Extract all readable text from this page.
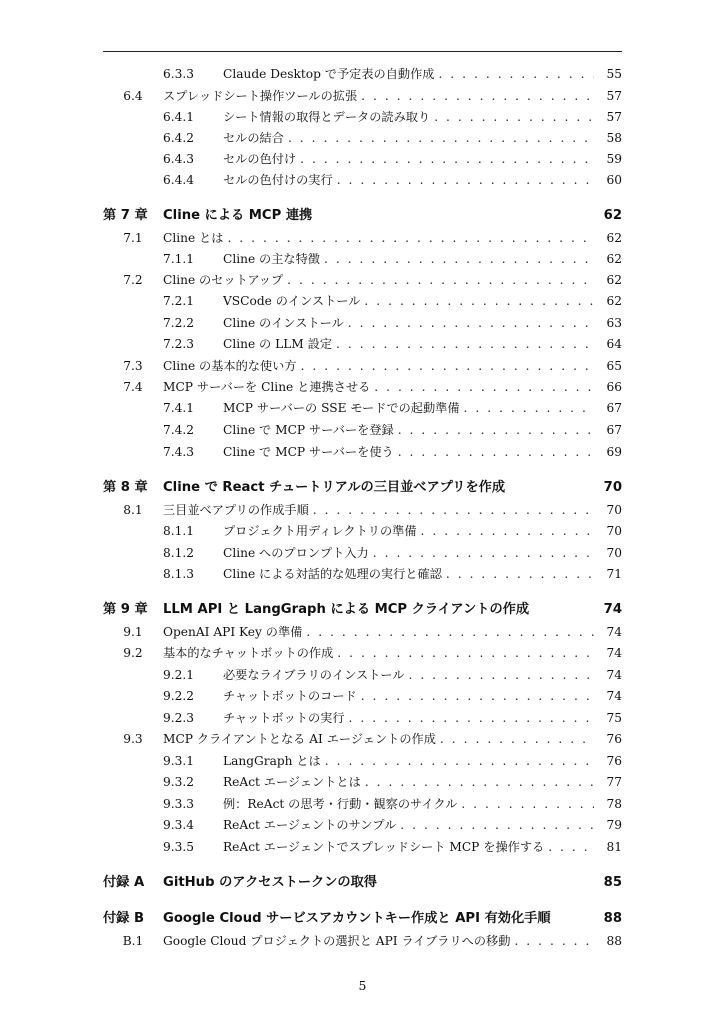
6.3.3	Claude Desktop で予定表の自動作成 . . .	55
6.4	スプレッドシート操作ツールの拡張 . . .	57
6.4.1	シート情報の取得とデータの読み取り . . .	57
6.4.2	セルの結合 . . .	58
6.4.3	セルの色付け . . .	59
6.4.4	セルの色付けの実行 . . .	60
第 7 章	Cline による MCP 連携	62
7.1	Cline とは . . .	62
7.1.1	Cline の主な特徴 . . .	62
7.2	Cline のセットアップ . . .	62
7.2.1	VSCode のインストール . . .	62
7.2.2	Cline のインストール . . .	63
7.2.3	Cline の LLM 設定 . . .	64
7.3	Cline の基本的な使い方 . . .	65
7.4	MCP サーバーを Cline と連携させる . . .	66
7.4.1	MCP サーバーの SSE モードでの起動準備 . . .	67
7.4.2	Cline で MCP サーバーを登録 . . .	67
7.4.3	Cline で MCP サーバーを使う . . .	69
第 8 章	Cline で React チュートリアルの三目並べアプリを作成	70
8.1	三目並べアプリの作成手順 . . .	70
8.1.1	プロジェクト用ディレクトリの準備 . . .	70
8.1.2	Cline へのプロンプト入力 . . .	70
8.1.3	Cline による対話的な処理の実行と確認 . . .	71
第 9 章	LLM API と LangGraph による MCP クライアントの作成	74
9.1	OpenAI API Key の準備 . . .	74
9.2	基本的なチャットボットの作成 . . .	74
9.2.1	必要なライブラリのインストール . . .	74
9.2.2	チャットボットのコード . . .	74
9.2.3	チャットボットの実行 . . .	75
9.3	MCP クライアントとなる AI エージェントの作成 . . .	76
9.3.1	LangGraph とは . . .	76
9.3.2	ReAct エージェントとは . . .	77
9.3.3	例：ReAct の思考・行動・観察のサイクル . . .	78
9.3.4	ReAct エージェントのサンプル . . .	79
9.3.5	ReAct エージェントでスプレッドシート MCP を操作する . . .	81
付録 A	GitHub のアクセストークンの取得	85
付録 B	Google Cloud サービスアカウントキー作成と API 有効化手順	88
B.1	Google Cloud プロジェクトの選択と API ライブラリへの移動 . . .	88
5
